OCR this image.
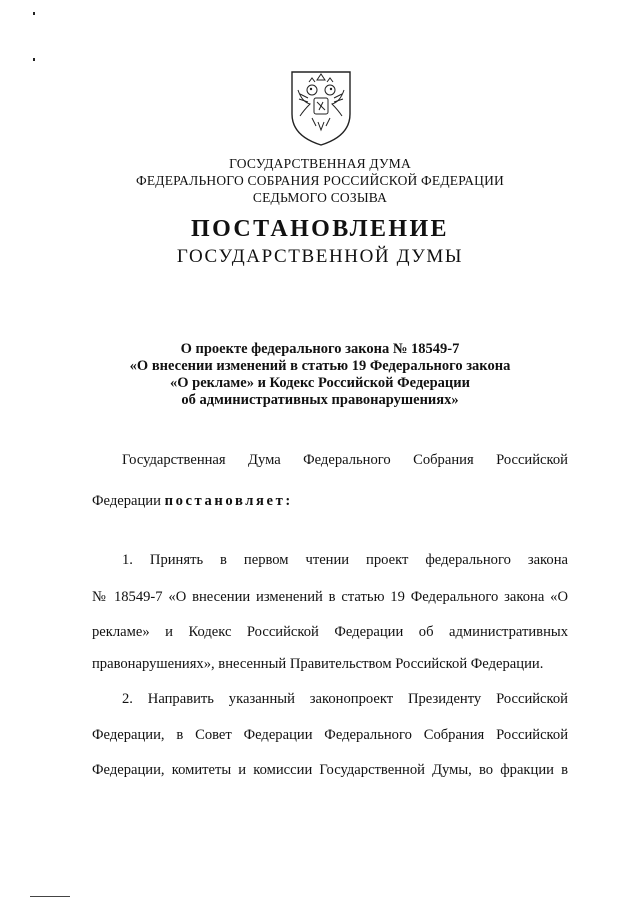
ГОСУДАРСТВЕННАЯ ДУМА
ФЕДЕРАЛЬНОГО СОБРАНИЯ РОССИЙСКОЙ ФЕДЕРАЦИИ
СЕДЬМОГО СОЗЫВА
ПОСТАНОВЛЕНИЕ
ГОСУДАРСТВЕННОЙ ДУМЫ
О проекте федерального закона № 18549-7
«О внесении изменений в статью 19 Федерального закона
«О рекламе» и Кодекс Российской Федерации
об административных правонарушениях»
Государственная Дума Федерального Собрания Российской
Федерации постановляет:
1. Принять в первом чтении проект федерального закона
№ 18549-7 «О внесении изменений в статью 19 Федерального закона «О
рекламе» и Кодекс Российской Федерации об административных
правонарушениях», внесенный Правительством Российской Федерации.
2. Направить указанный законопроект Президенту Российской
Федерации, в Совет Федерации Федерального Собрания Российской
Федерации, комитеты и комиссии Государственной Думы, во фракции в
